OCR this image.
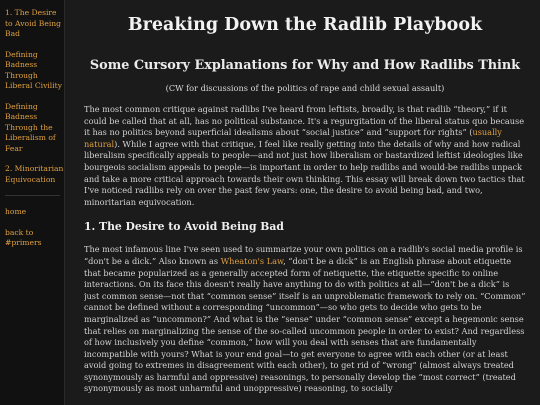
1. The Desire to Avoid Being Bad
Defining Badness Through Liberal Civility
Defining Badness Through the Liberalism of Fear
2. Minoritarian Equivocation
home
back to #primers
Breaking Down the Radlib Playbook
Some Cursory Explanations for Why and How Radlibs Think
(CW for discussions of the politics of rape and child sexual assault)

The most common critique against radlibs I've heard from leftists, broadly, is that radlib “theory,” if it could be called that at all, has no political substance. It's a regurgitation of the liberal status quo because it has no politics beyond superficial idealisms about “social justice” and “support for rights” (usually natural). While I agree with that critique, I feel like really getting into the details of why and how radical liberalism specifically appeals to people—and not just how liberalism or bastardized leftist ideologies like bourgeois socialism appeals to people—is important in order to help radlibs and would-be radlibs unpack and take a more critical approach towards their own thinking. This essay will break down two tactics that I've noticed radlibs rely on over the past few years: one, the desire to avoid being bad, and two, minoritarian equivocation.

1. The Desire to Avoid Being Bad

The most infamous line I've seen used to summarize your own politics on a radlib's social media profile is “don't be a dick.” Also known as Wheaton's Law, “don't be a dick” is an English phrase about etiquette that became popularized as a generally accepted form of netiquette, the etiquette specific to online interactions. On its face this doesn't really have anything to do with politics at all—“don't be a dick” is just common sense—not that “common sense” itself is an unproblematic framework to rely on. “Common” cannot be defined without a corresponding “uncommon”—so who gets to decide who gets to be marginalized as “uncommon?” And what is the “sense” under “common sense” except a hegemonic sense that relies on marginalizing the sense of the so-called uncommon people in order to exist? And regardless of how inclusively you define “common,” how will you deal with senses that are fundamentally incompatible with yours? What is your end goal—to get everyone to agree with each other (or at least avoid going to extremes in disagreement with each other), to get rid of “wrong” (almost always treated synonymously as harmful and oppressive) reasonings, to personally develop the “most correct” (treated synonymously as most unharmful and unoppressive) reasoning, to socially
